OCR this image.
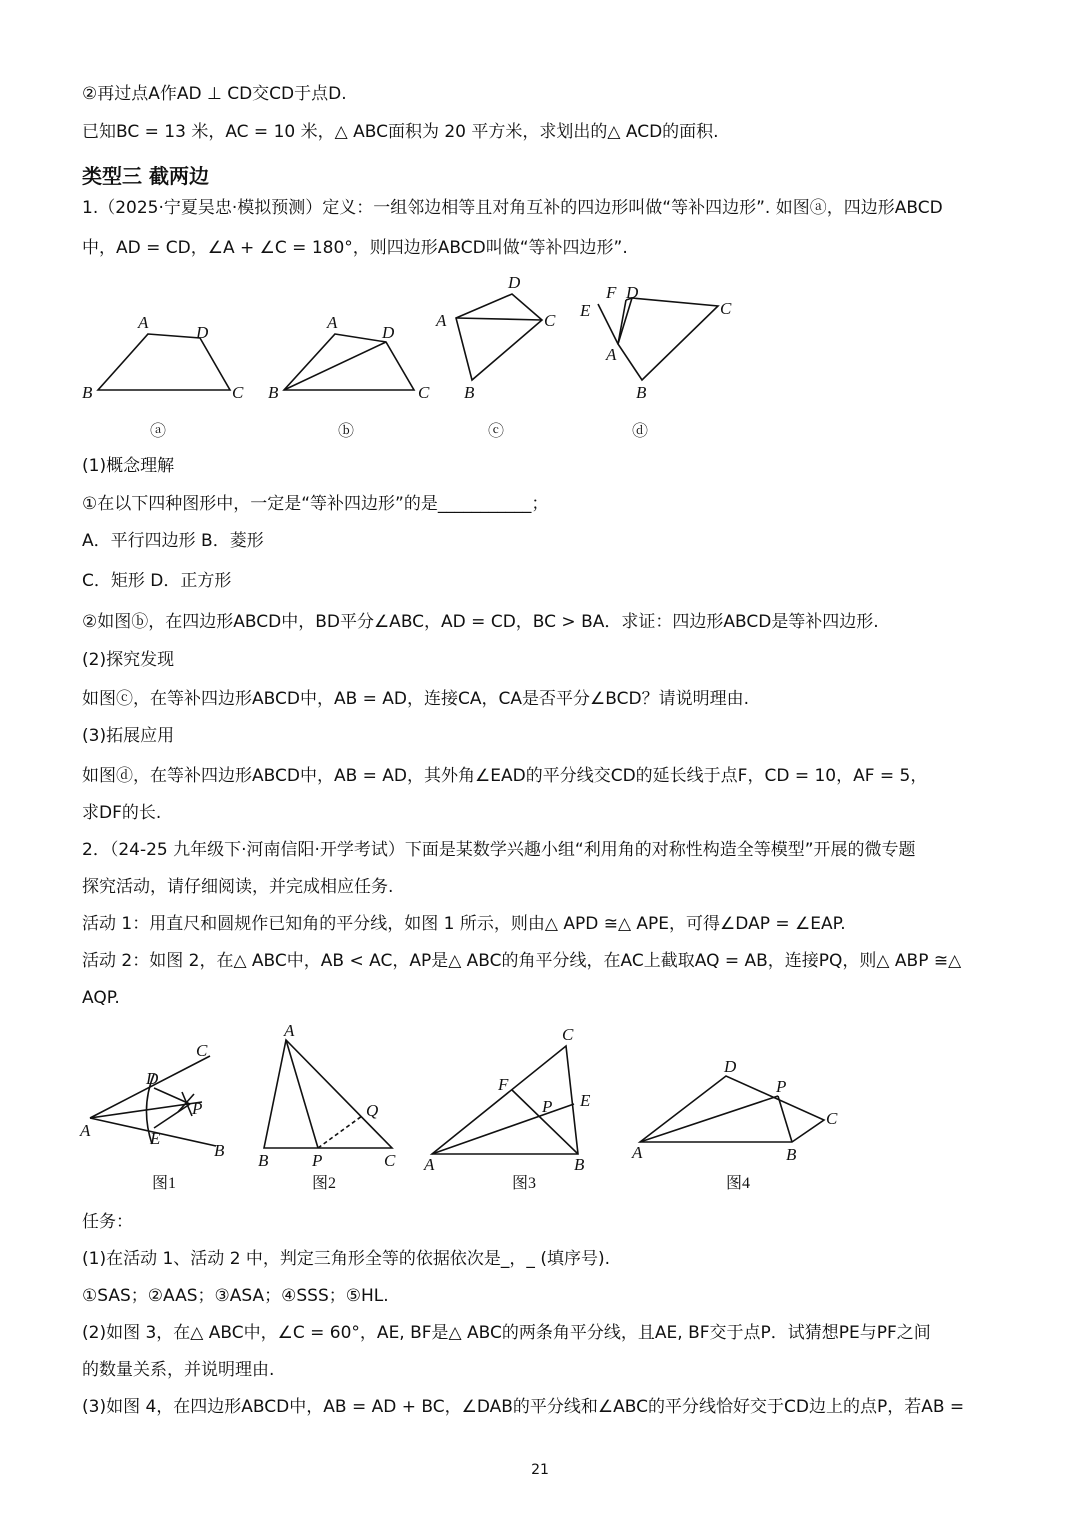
②再过点A作AD ⊥ CD交CD于点D.
已知BC = 13 米，AC = 10 米，△ ABC面积为 20 平方米，求划出的△ ACD的面积.
类型三 截两边
1.（2025·宁夏吴忠·模拟预测）定义：一组邻边相等且对角互补的四边形叫做“等补四边形”. 如图ⓐ，四边形ABCD
中，AD = CD，∠A + ∠C = 180°，则四边形ABCD叫做“等补四边形”.
A
D
B	C
ⓐ
A
D
B	C
ⓑ
D
A	C
B
ⓒ
E
F D
C
A
B
ⓓ
(1)概念理解
①在以下四种图形中，一定是“等补四边形”的是___________；
A．平行四边形 B．菱形
C．矩形 D．正方形
②如图ⓑ，在四边形ABCD中，BD平分∠ABC，AD = CD，BC > BA．求证：四边形ABCD是等补四边形.
(2)探究发现
如图ⓒ，在等补四边形ABCD中，AB = AD，连接CA，CA是否平分∠BCD？请说明理由.
(3)拓展应用
如图ⓓ，在等补四边形ABCD中，AB = AD，其外角∠EAD的平分线交CD的延长线于点F，CD = 10，AF = 5，
求DF的长.
2．（24-25 九年级下·河南信阳·开学考试）下面是某数学兴趣小组“利用角的对称性构造全等模型”开展的微专题
探究活动，请仔细阅读，并完成相应任务.
活动 1：用直尺和圆规作已知角的平分线，如图 1 所示，则由△ APD ≅△ APE，可得∠DAP = ∠EAP.
活动 2：如图 2，在△ ABC中，AB < AC，AP是△ ABC的角平分线，在AC上截取AQ = AB，连接PQ，则△ ABP ≅△
AQP.
C
D
P
A	E
B
图1
A
Q
B	P	C
图2
C
F
P E
A	B
图3
D
P
C
A	B
图4
任务：
(1)在活动 1、活动 2 中，判定三角形全等的依据依次是_，_ (填序号).
①SAS；②AAS；③ASA；④SSS；⑤HL.
(2)如图 3，在△ ABC中，∠C = 60°，AE, BF是△ ABC的两条角平分线，且AE, BF交于点P．试猜想PE与PF之间
的数量关系，并说明理由.
(3)如图 4，在四边形ABCD中，AB = AD + BC，∠DAB的平分线和∠ABC的平分线恰好交于CD边上的点P，若AB =
21
